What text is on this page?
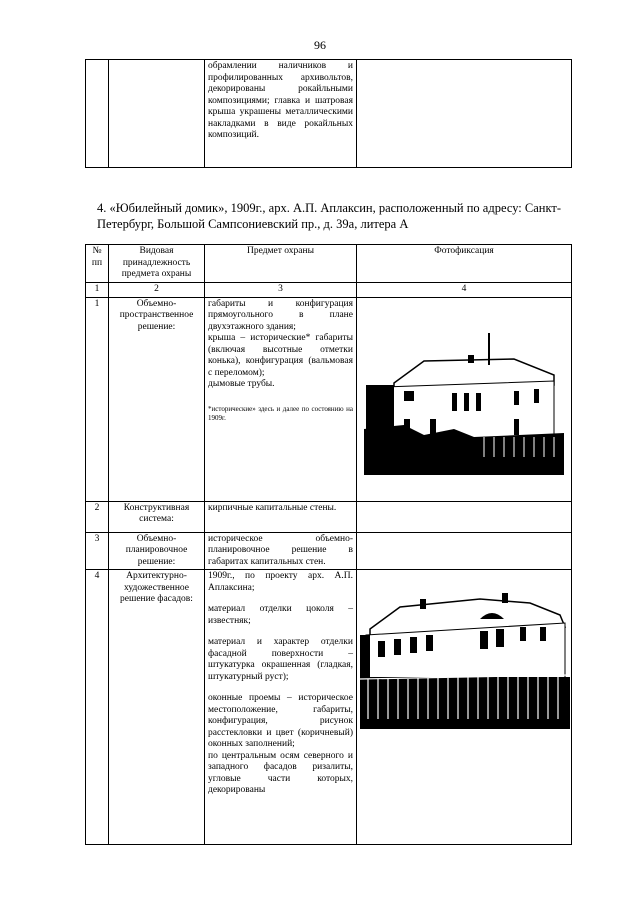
96
		обрамлении наличников и профилированных архивольтов, декорированы рокайльными композициями; главка и шатровая крыша украшены металлическими накладками в виде рокайльных композиций.	
4. «Юбилейный домик», 1909г., арх. А.П. Аплаксин, расположенный по адресу: Санкт-Петербург, Большой Сампсониевский пр., д. 39а, литера А
№ пп	Видовая принадлежность предмета охраны	Предмет охраны	Фотофиксация
1	2	3	4
1	Объемно-пространственное решение:	габариты и конфигурация прямоугольного в плане двухэтажного здания;

крыша – исторические* габариты (включая высотные отметки конька), конфигурация (вальмовая с переломом);

дымовые трубы.

*исторические» здесь и далее по состоянию на 1909г.

2	Конструктивная система:	кирпичные капитальные стены.	
3	Объемно-планировочное решение:	историческое объемно-планировочное решение в габаритах капитальных стен.	
4	Архитектурно-художественное решение фасадов:	1909г., по проекту арх. А.П. Аплаксина;

материал отделки цоколя – известняк;

материал и характер отделки фасадной поверхности – штукатурка окрашенная (гладкая, штукатурный руст);

оконные проемы – историческое местоположение, габариты, конфигурация, рисунок расстекловки и цвет (коричневый) оконных заполнений;

по центральным осям северного и западного фасадов ризалиты, угловые части которых, декорированы
